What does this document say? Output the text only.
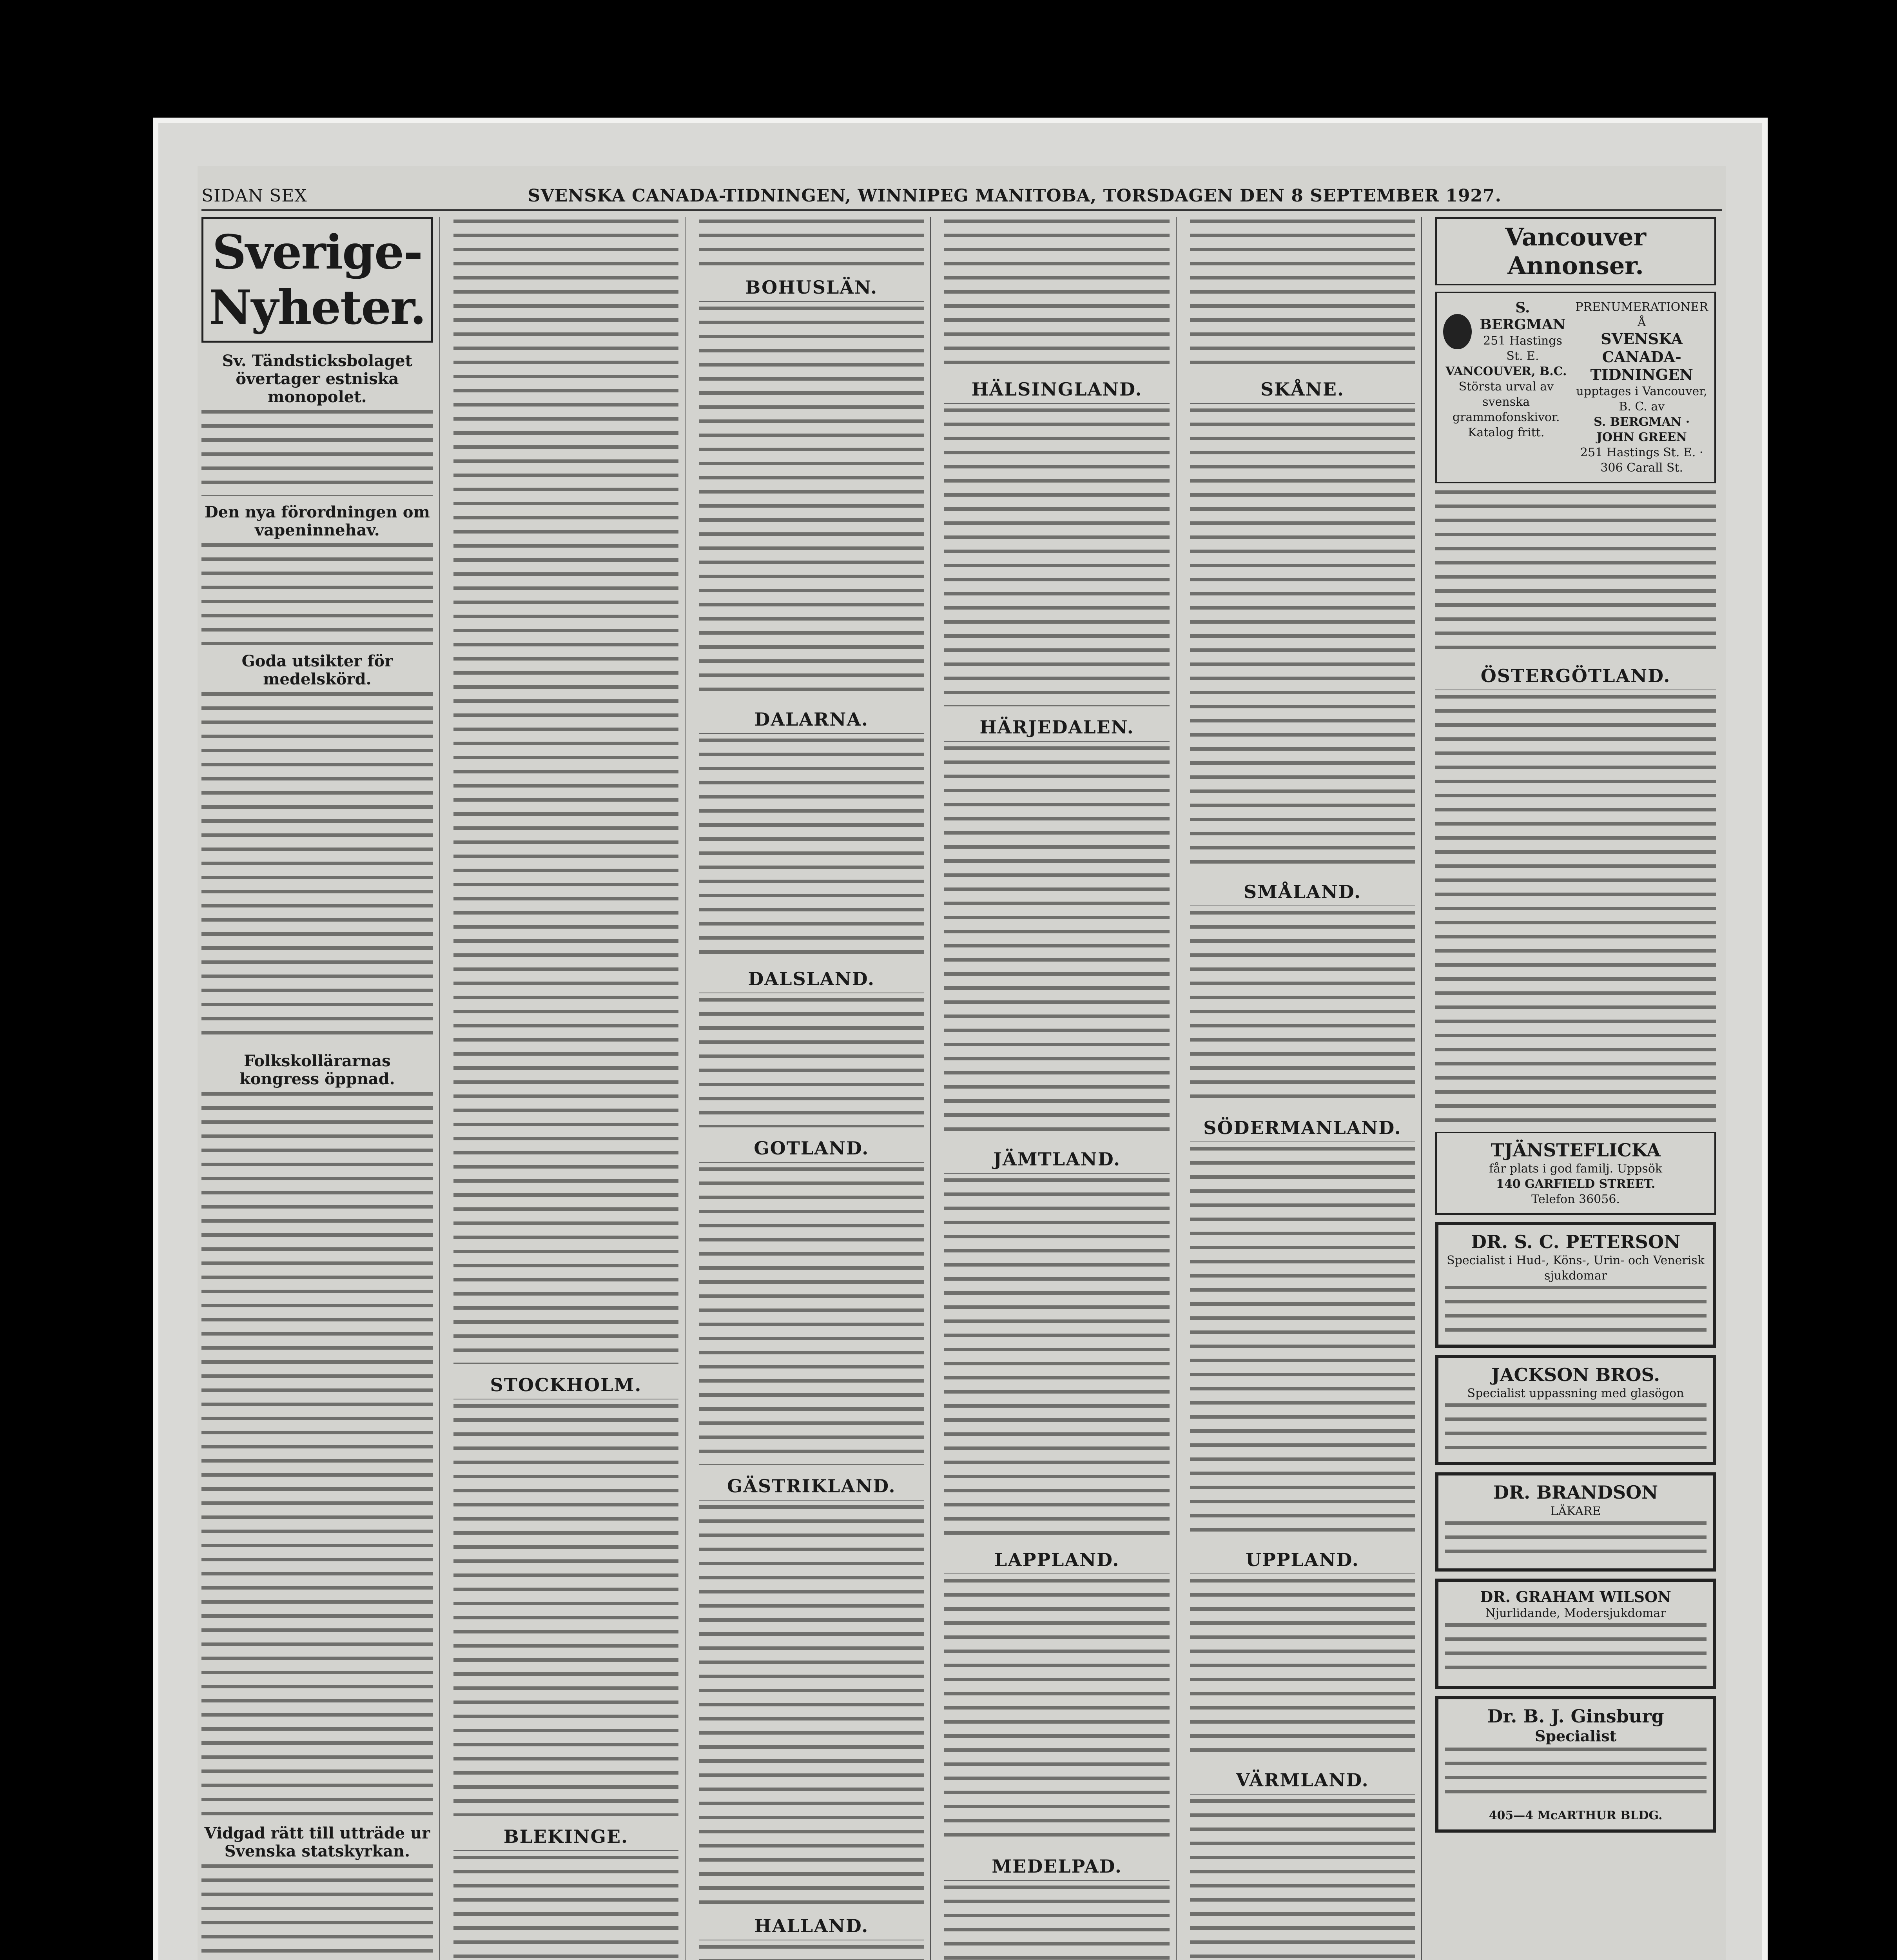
SIDAN SEX	SVENSKA CANADA-TIDNINGEN, WINNIPEG MANITOBA, TORSDAGEN DEN 8 SEPTEMBER 1927.
Sverige-Nyheter.
Sv. Tändsticksbolaget övertager estniska monopolet.
Den nya förordningen om vapeninnehav.
Goda utsikter för medelskörd.
Folkskollärarnas kongress öppnad.
Vidgad rätt till utträde ur Svenska statskyrkan.
STOCKHOLM.
BLEKINGE.
BOHUSLÄN.
DALARNA.
DALSLAND.
GOTLAND.
GÄSTRIKLAND.
HALLAND.
HÄLSINGLAND.
HÄRJEDALEN.
JÄMTLAND.
LAPPLAND.
MEDELPAD.
SKÅNE.
SMÅLAND.
SÖDERMANLAND.
UPPLAND.
VÄRMLAND.
Vancouver Annonser.
S. BERGMAN
251 Hastings St. E.
VANCOUVER, B.C.
Största urval av
svenska grammofonskivor.
Katalog fritt.
PRENUMERATIONER Å
SVENSKA CANADA-TIDNINGEN
upptages i Vancouver, B. C. av
S. BERGMAN · JOHN GREEN
251 Hastings St. E. · 306 Carall St.
ÖSTERGÖTLAND.
TJÄNSTEFLICKA
får plats i god familj. Uppsök
140 GARFIELD STREET.
Telefon 36056.
DR. S. C. PETERSON
Specialist i Hud-, Köns-, Urin- och Venerisk sjukdomar
JACKSON BROS.
Specialist uppassning med glasögon
DR. BRANDSON
LÄKARE
DR. GRAHAM WILSON
Njurlidande, Modersjukdomar
Dr. B. J. Ginsburg
Specialist
405—4 McARTHUR BLDG.
